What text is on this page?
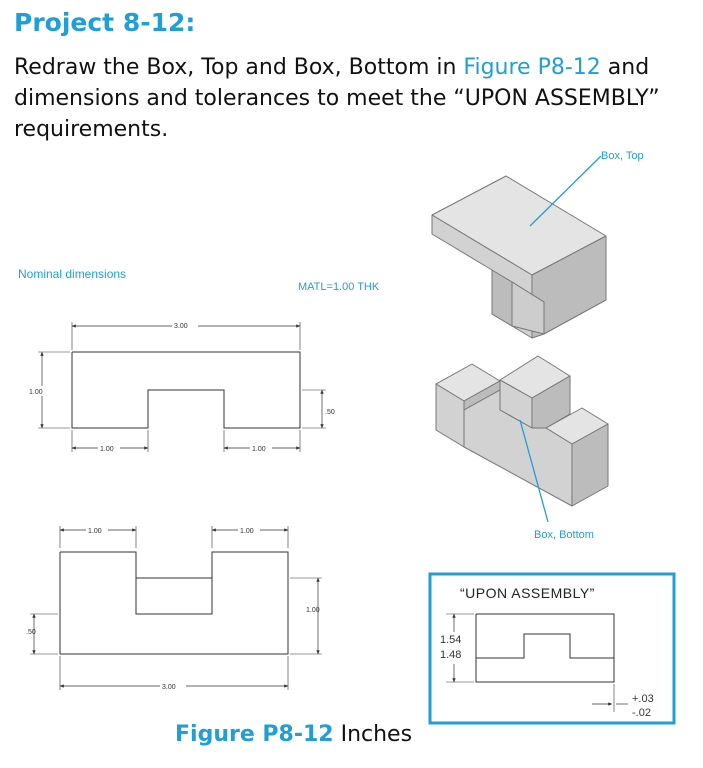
Project 8-12:
Redraw the Box, Top and Box, Bottom in Figure P8-12 and dimensions and tolerances to meet the “UPON ASSEMBLY” requirements.
Nominal dimensions
MATL=1.00 THK
3.00
1.00
.50
1.00	1.00
1.00	1.00
1.00
.50
3.00
Box, Top
Box, Bottom
“UPON ASSEMBLY”
1.54
1.48
+.03
-.02
Figure P8-12 Inches
